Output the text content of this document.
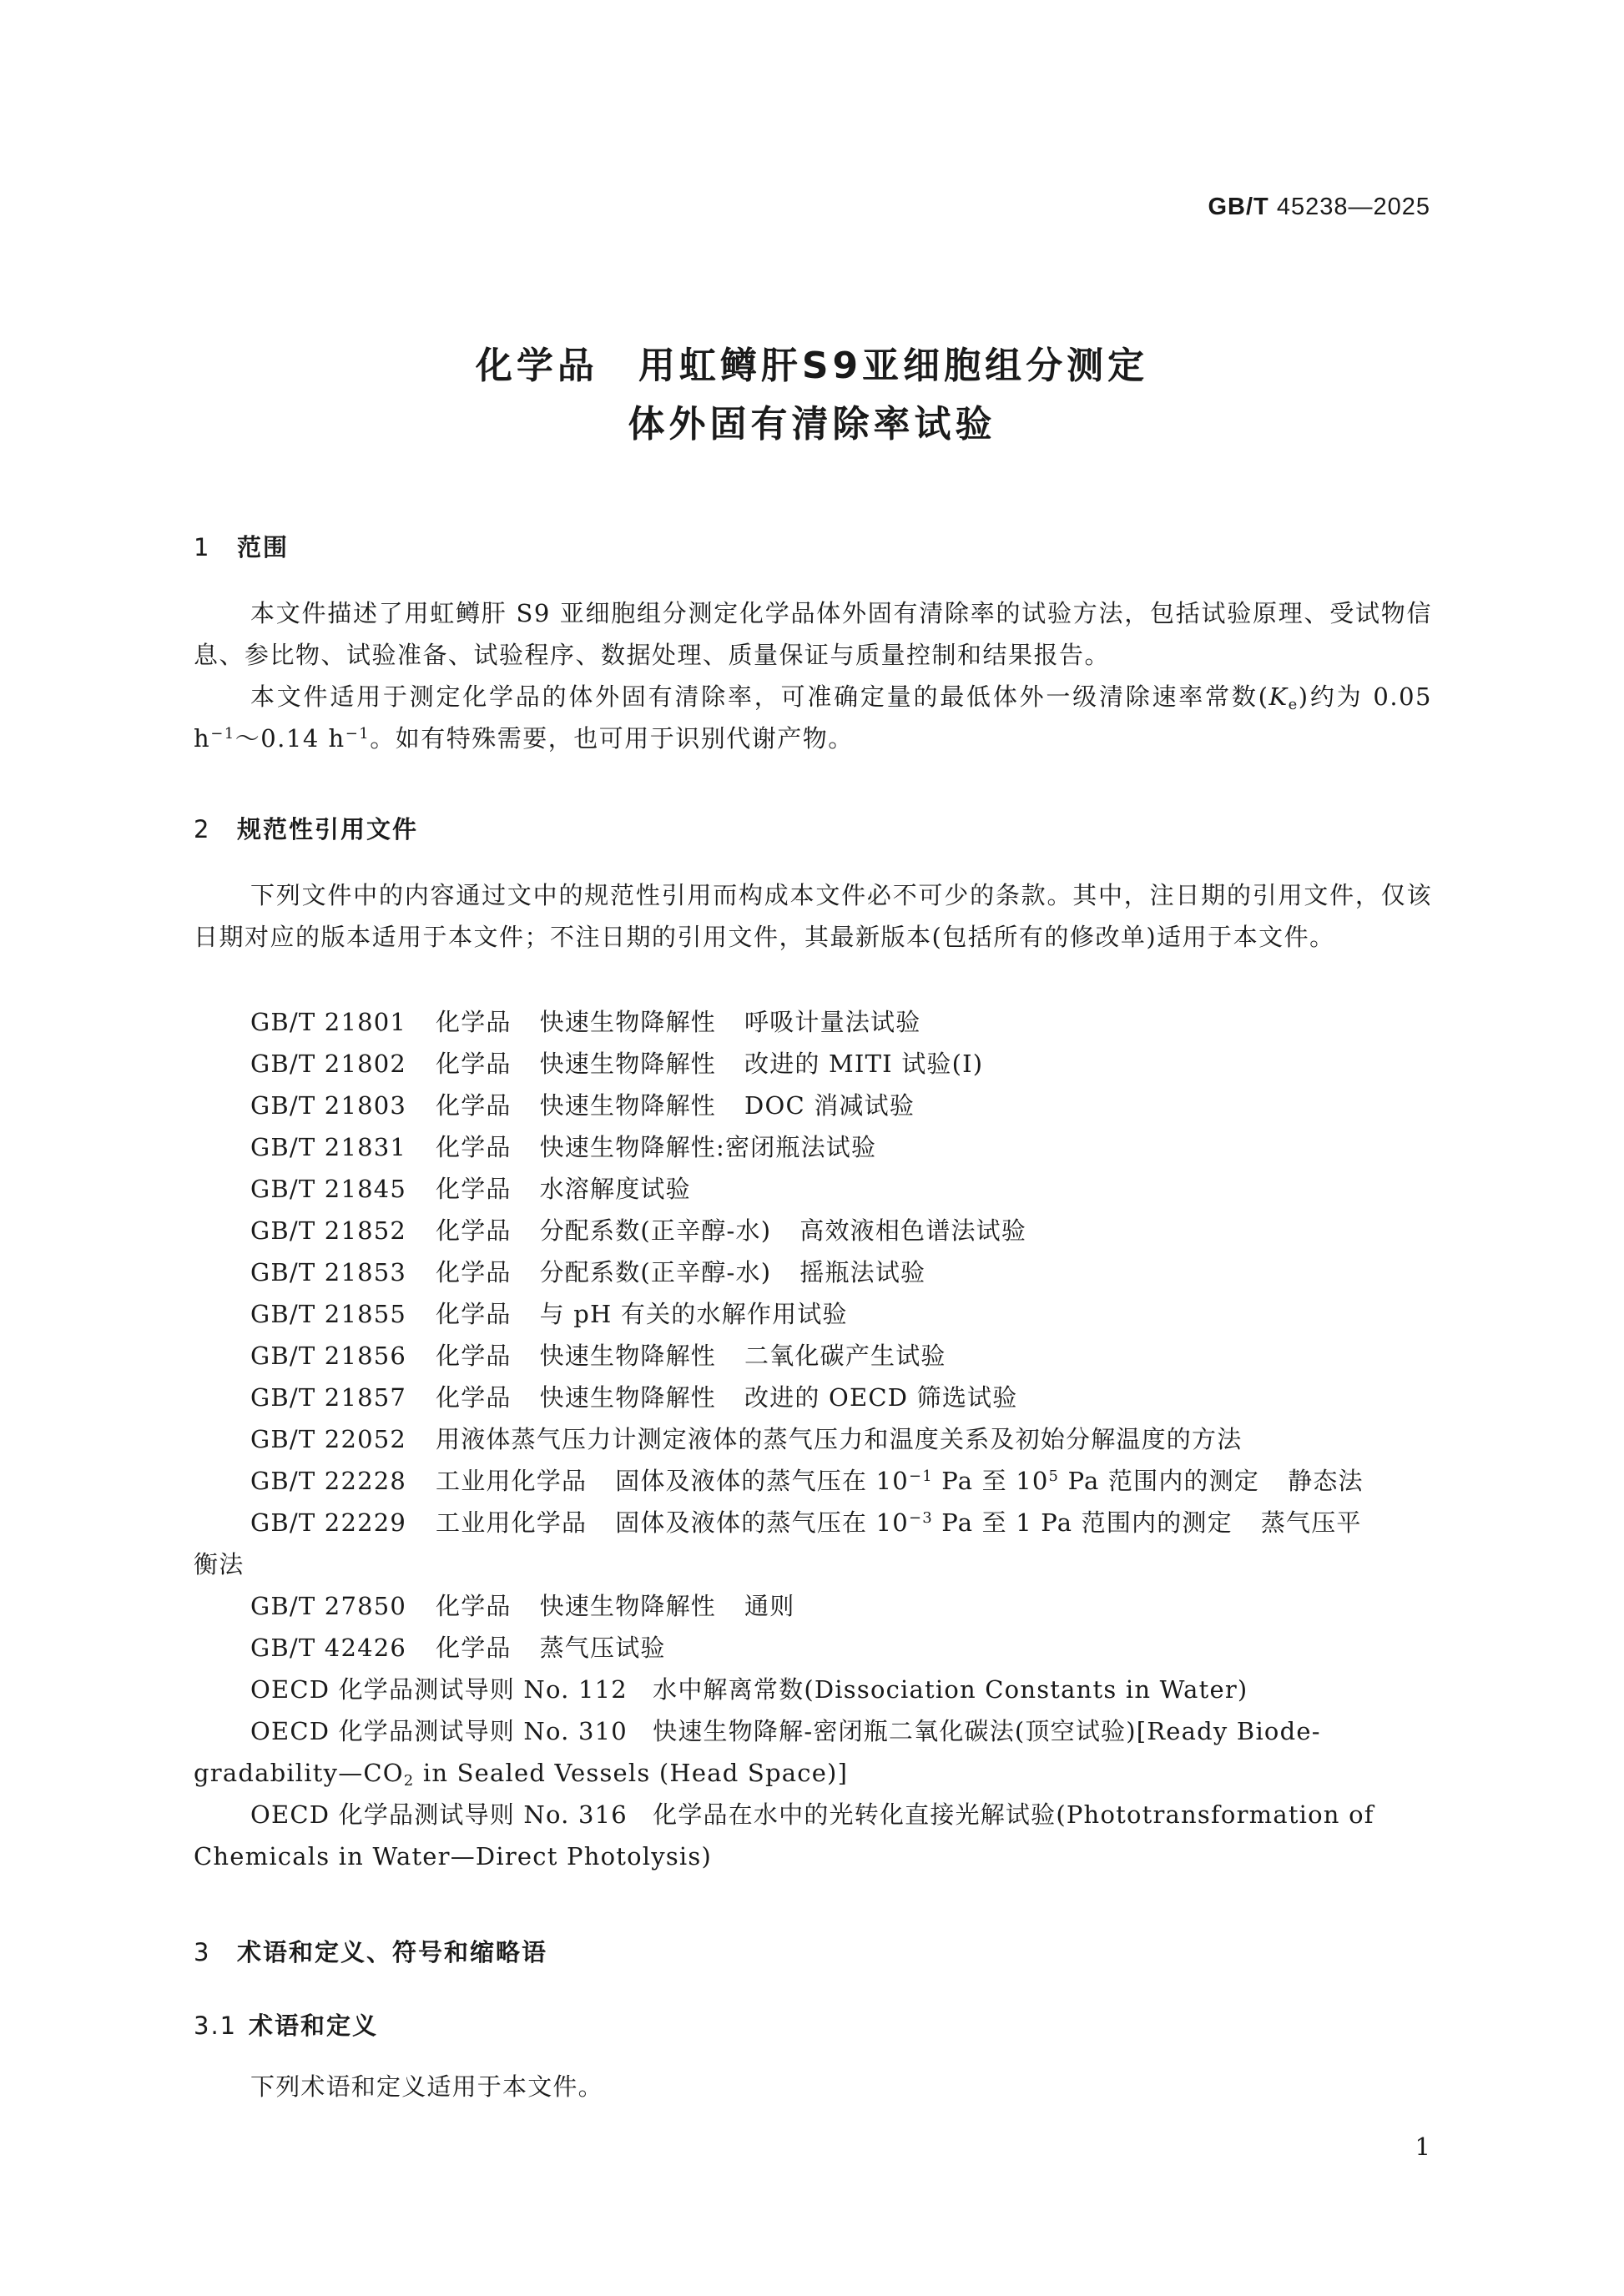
GB/T 45238—2025
化学品 用虹鳟肝S9亚细胞组分测定
体外固有清除率试验
1 范围

本文件描述了用虹鳟肝 S9 亚细胞组分测定化学品体外固有清除率的试验方法，包括试验原理、受试物信息、参比物、试验准备、试验程序、数据处理、质量保证与质量控制和结果报告。

本文件适用于测定化学品的体外固有清除率，可准确定量的最低体外一级清除速率常数$(K_e)$约为 0.05 $h^{-1}\sim 0.14$ $h^{-1}$。如有特殊需要，也可用于识别代谢产物。

2 规范性引用文件

下列文件中的内容通过文中的规范性引用而构成本文件必不可少的条款。其中，注日期的引用文件，仅该日期对应的版本适用于本文件；不注日期的引用文件，其最新版本(包括所有的修改单)适用于本文件。

GB/T 21801 化学品 快速生物降解性 呼吸计量法试验
GB/T 21802 化学品 快速生物降解性 改进的 MITI 试验(Ⅰ)
GB/T 21803 化学品 快速生物降解性 DOC 消减试验
GB/T 21831 化学品 快速生物降解性:密闭瓶法试验
GB/T 21845 化学品 水溶解度试验
GB/T 21852 化学品 分配系数(正辛醇-水) 高效液相色谱法试验
GB/T 21853 化学品 分配系数(正辛醇-水) 摇瓶法试验
GB/T 21855 化学品 与 pH 有关的水解作用试验
GB/T 21856 化学品 快速生物降解性 二氧化碳产生试验
GB/T 21857 化学品 快速生物降解性 改进的 OECD 筛选试验
GB/T 22052 用液体蒸气压力计测定液体的蒸气压力和温度关系及初始分解温度的方法
GB/T 22228 工业用化学品 固体及液体的蒸气压在 $10^{-1}$ Pa 至 $10^5$ Pa 范围内的测定 静态法
GB/T 22229 工业用化学品 固体及液体的蒸气压在 $10^{-3}$ Pa 至 1 Pa 范围内的测定 蒸气压平
衡法
GB/T 27850 化学品 快速生物降解性 通则
GB/T 42426 化学品 蒸气压试验
OECD 化学品测试导则 No. 112　水中解离常数(Dissociation Constants in Water)
OECD 化学品测试导则 No. 310　快速生物降解-密闭瓶二氧化碳法(顶空试验)[Ready Biode-
$gradability—CO_2$ in Sealed Vessels (Head Space)]
OECD 化学品测试导则 No. 316　化学品在水中的光转化直接光解试验(Phototransformation of
Chemicals in Water—Direct Photolysis)
3 术语和定义、符号和缩略语
3.1 术语和定义
下列术语和定义适用于本文件。
1
